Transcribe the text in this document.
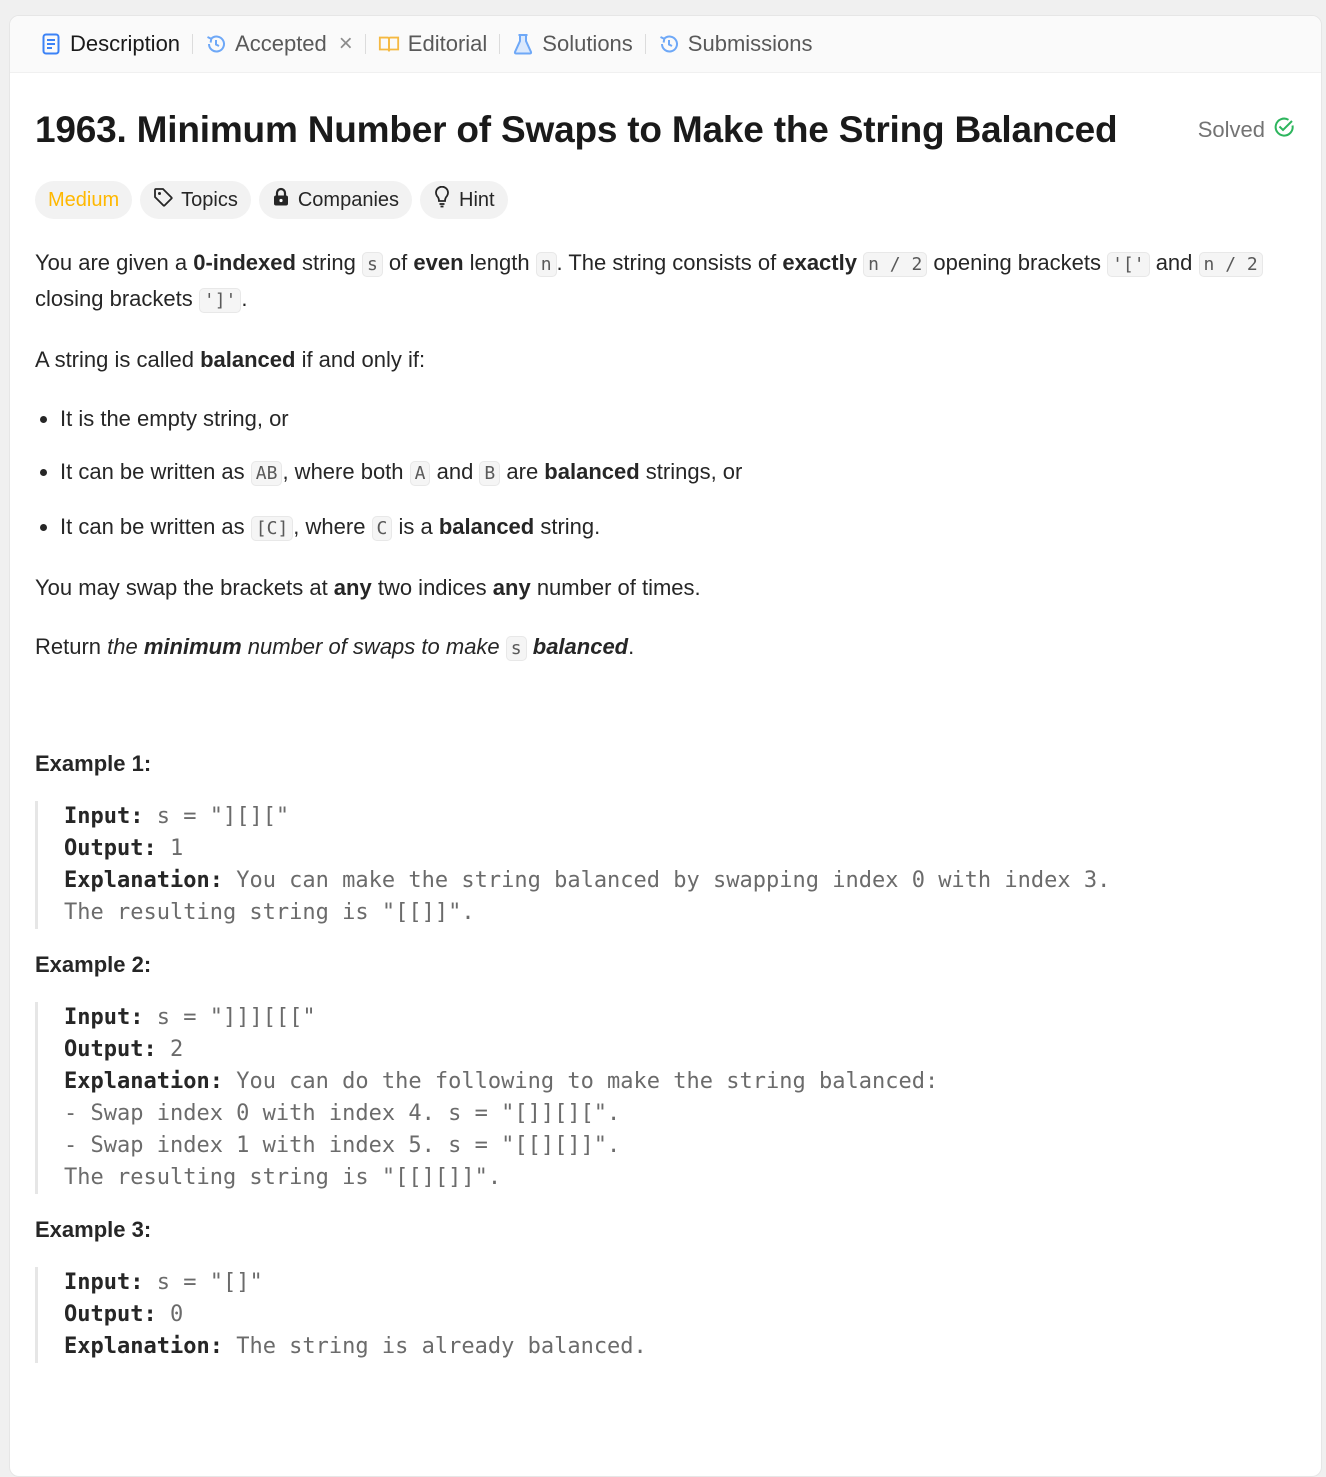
Description	Accepted ×	Editorial	Solutions	Submissions
1963. Minimum Number of Swaps to Make the String Balanced	Solved
Medium	Topics	Companies	Hint

You are given a 0-indexed string s of even length n . The string consists of exactly n / 2 opening brackets '[' and n / 2 closing brackets ']' .

A string is called balanced if and only if:

• It is the empty string, or
• It can be written as AB , where both A and B are balanced strings, or
• It can be written as [C] , where C is a balanced string.

You may swap the brackets at any two indices any number of times.

Return the minimum number of swaps to make s balanced.

Example 1:

Input: s = "][]["
Output: 1
Explanation: You can make the string balanced by swapping index 0 with index 3.
The resulting string is "[[]]".

Example 2:

Input: s = "]]][[["
Output: 2
Explanation: You can do the following to make the string balanced:
- Swap index 0 with index 4. s = "[]][][".
- Swap index 1 with index 5. s = "[[][]]".
The resulting string is "[[][]]".

Example 3:

Input: s = "[]"
Output: 0
Explanation: The string is already balanced.
